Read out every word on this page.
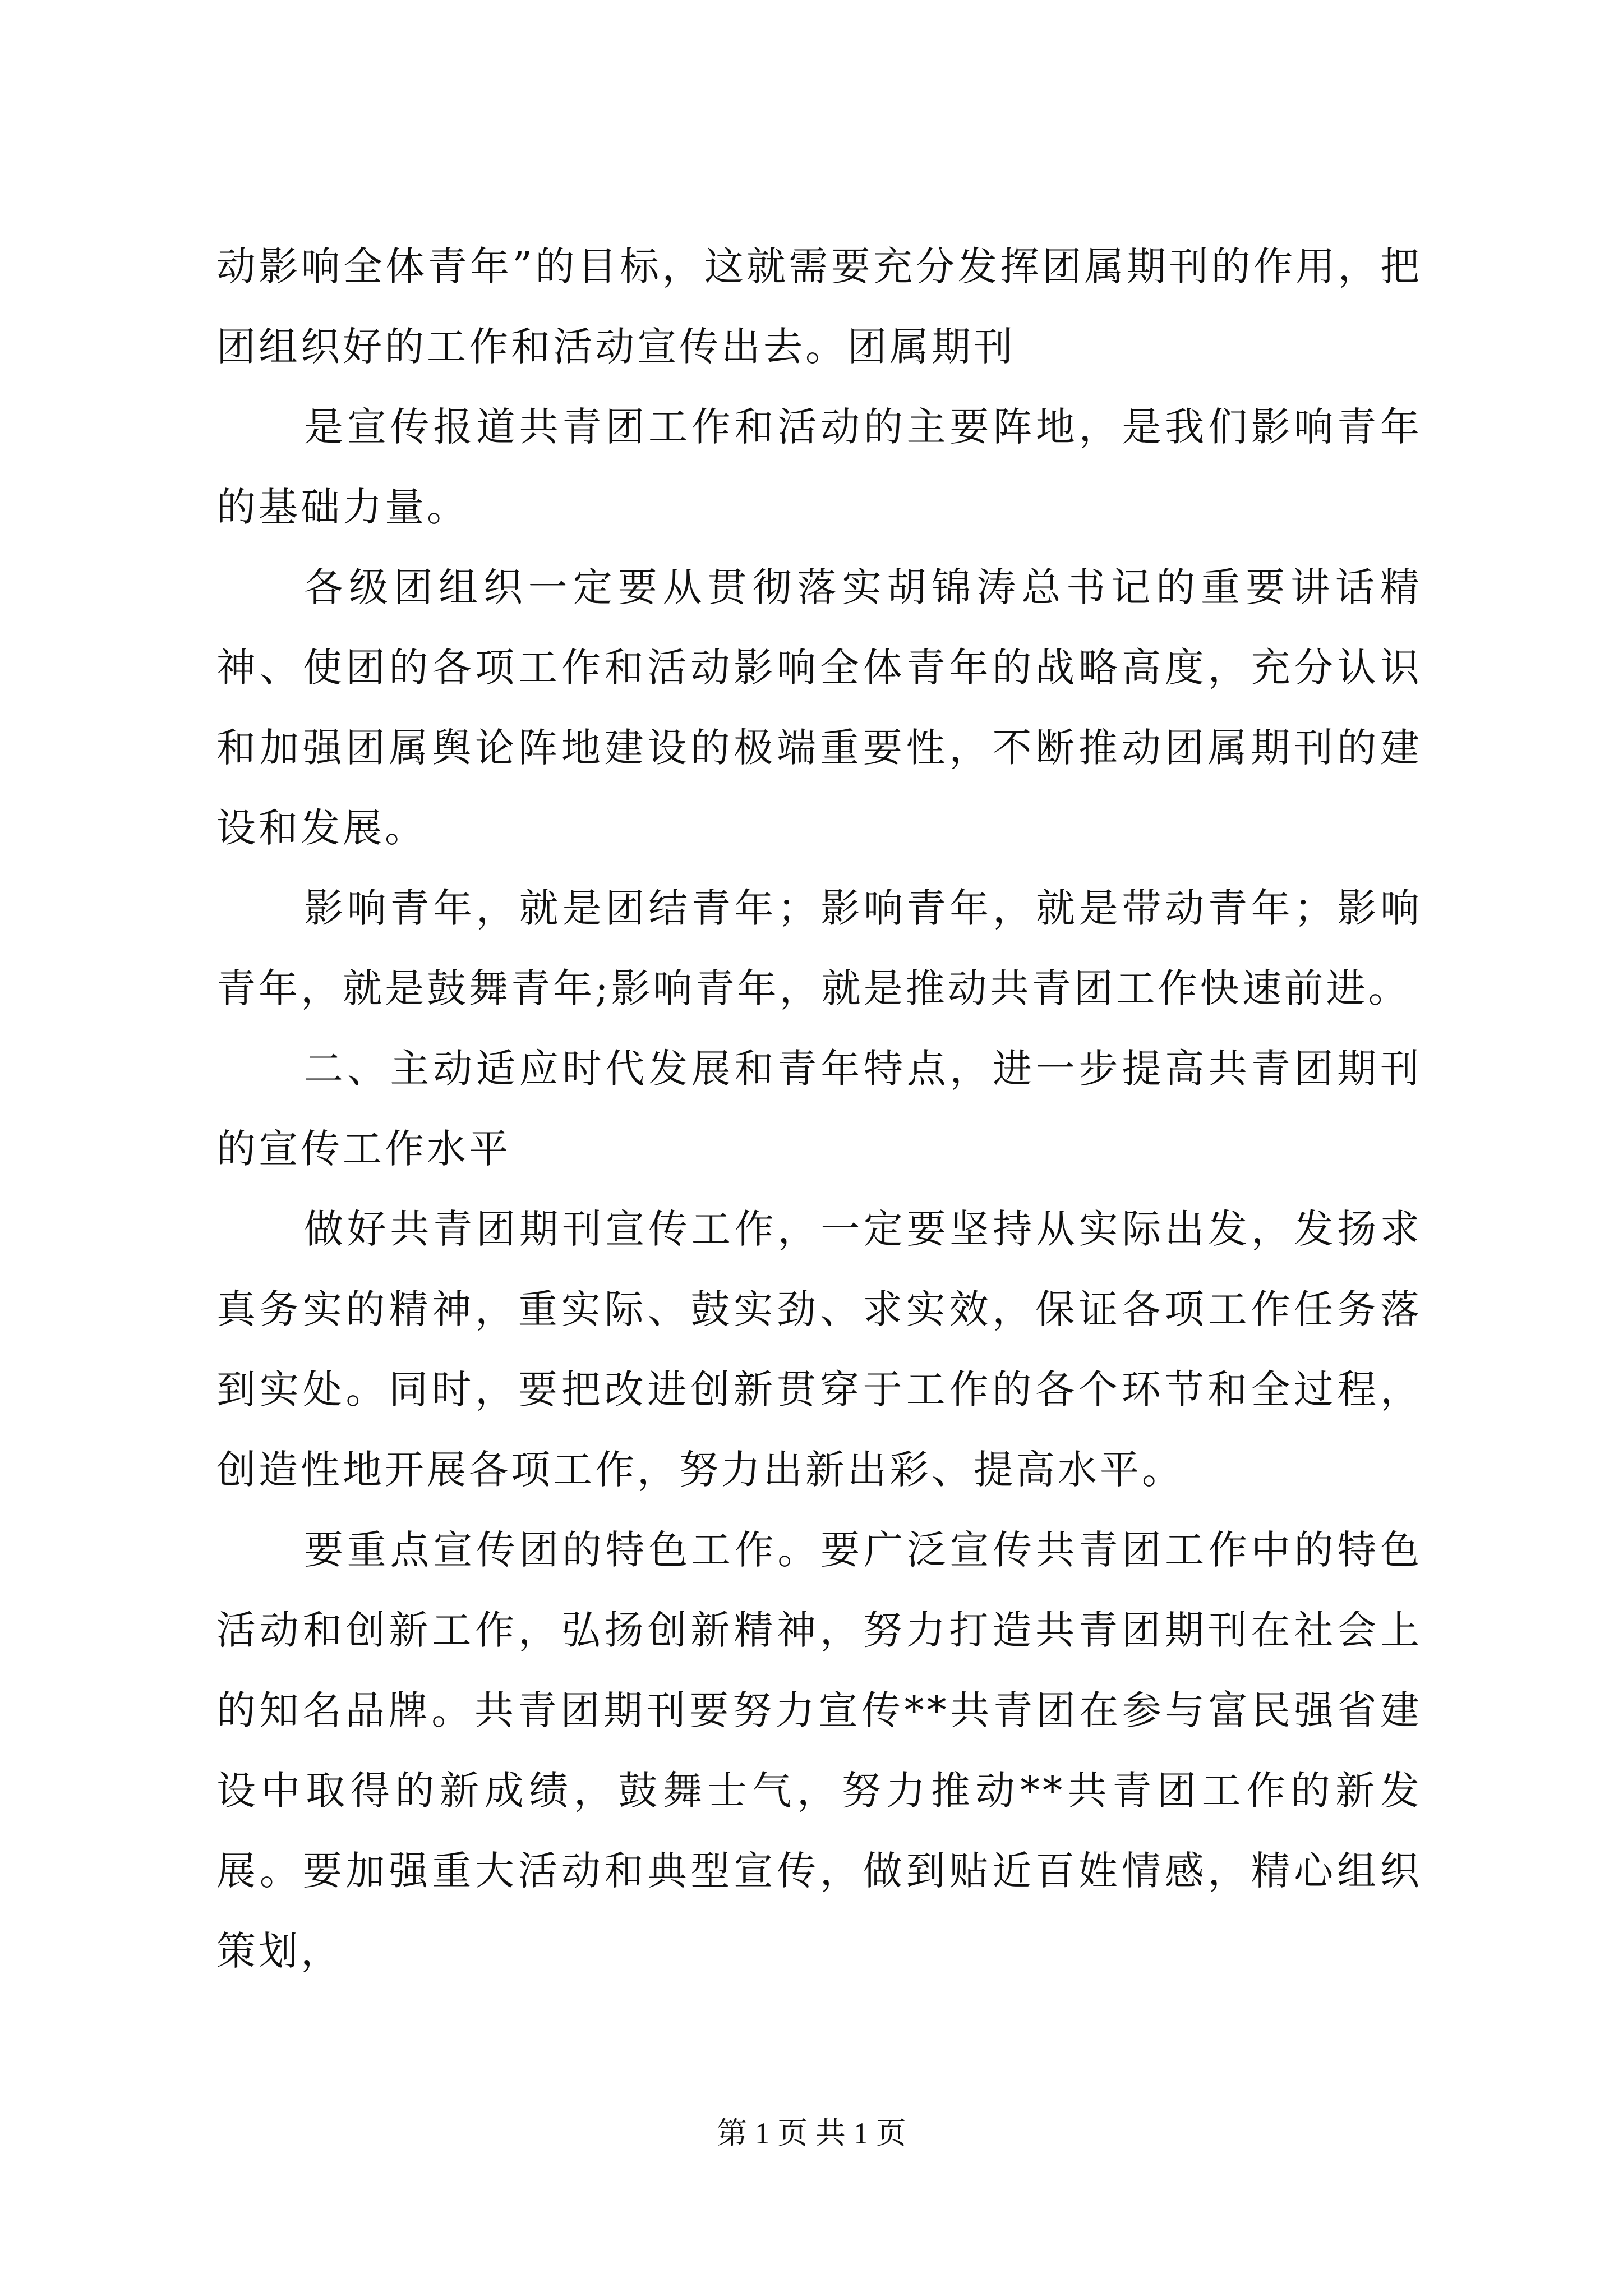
动影响全体青年”的目标，这就需要充分发挥团属期刊的作用，把团组织好的工作和活动宣传出去。团属期刊

是宣传报道共青团工作和活动的主要阵地，是我们影响青年的基础力量。

各级团组织一定要从贯彻落实胡锦涛总书记的重要讲话精神、使团的各项工作和活动影响全体青年的战略高度，充分认识和加强团属舆论阵地建设的极端重要性，不断推动团属期刊的建设和发展。

影响青年，就是团结青年；影响青年，就是带动青年；影响青年，就是鼓舞青年;影响青年，就是推动共青团工作快速前进。

二、主动适应时代发展和青年特点，进一步提高共青团期刊的宣传工作水平

做好共青团期刊宣传工作，一定要坚持从实际出发，发扬求真务实的精神，重实际、鼓实劲、求实效，保证各项工作任务落到实处。同时，要把改进创新贯穿于工作的各个环节和全过程，创造性地开展各项工作，努力出新出彩、提高水平。

要重点宣传团的特色工作。要广泛宣传共青团工作中的特色活动和创新工作，弘扬创新精神，努力打造共青团期刊在社会上的知名品牌。共青团期刊要努力宣传**共青团在参与富民强省建设中取得的新成绩，鼓舞士气，努力推动**共青团工作的新发展。要加强重大活动和典型宣传，做到贴近百姓情感，精心组织策划，

第 1 页 共 1 页
